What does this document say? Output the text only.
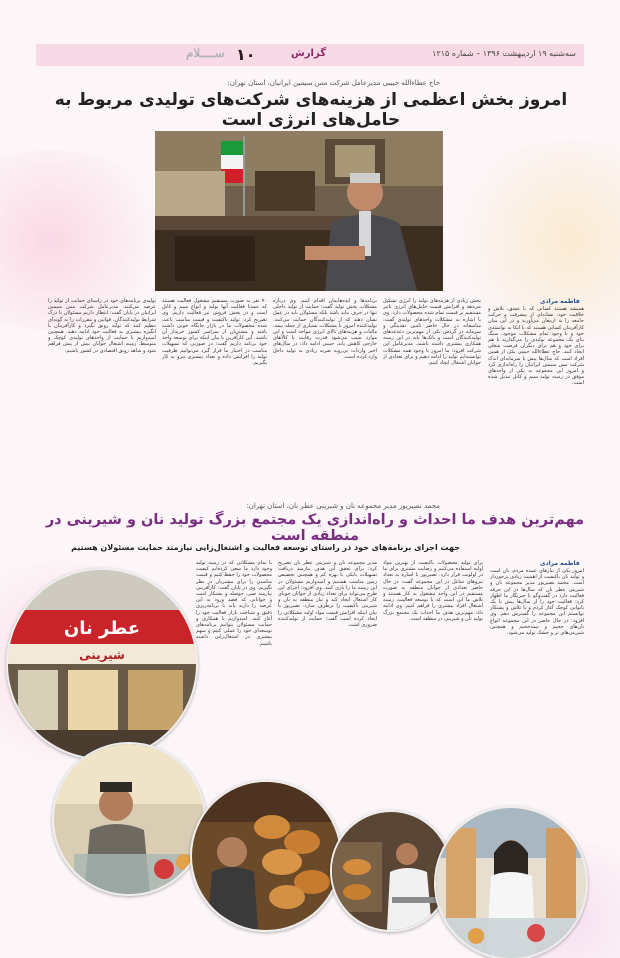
سه‌شنبه ۱۹ اردیبهشت ۱۳۹۶ – شماره ۱۲۱۵
گزارش
۱۰
ســــلام
حاج عطاءالله حبیبی مدیرعامل شرکت مس سیمین ایرانیان، استان تهران:
امروز بخش اعظمی از هزینه‌های شرکت‌های تولیدی مربوط به حامل‌های انرژی است
فاطمه مرادی
همیشه هستند کسانی که با عشق، تلاش و خلاقیت خود، نشانه‌ای از پیشرفت و حرکت جامعه را به ارمغان می‌آورند و در این میان کارآفرینان کسانی هستند که با اتکا به توانمندی خود و با وجود تمام مشکلات موجود، سنگ بنای یک مجموعه تولیدی را می‌گذارند تا هم برای خود و هم برای دیگران فرصت شغلی ایجاد کنند. حاج عطاءالله حبیبی یکی از همین افراد است که سال‌ها پیش با سرمایه‌ای اندک شرکت مس سیمین ایرانیان را راه‌اندازی کرد و امروز این مجموعه به یکی از واحدهای موفق در زمینه تولید سیم و کابل تبدیل شده است.
بخش زیادی از هزینه‌های تولید را انرژی تشکیل می‌دهد و افزایش قیمت حامل‌های انرژی تاثیر مستقیم بر قیمت تمام شده محصولات دارد. وی با اشاره به مشکلات واحدهای تولیدی گفت: متاسفانه در حال حاضر تامین نقدینگی و سرمایه در گردش یکی از مهم‌ترین دغدغه‌های تولیدکنندگان است و بانک‌ها باید در این زمینه همکاری بیشتری داشته باشند. مدیرعامل این شرکت افزود: ما امروز با وجود همه مشکلات توانسته‌ایم تولید را ادامه دهیم و برای تعدادی از جوانان اشتغال ایجاد کنیم.
برنامه‌ها و ایده‌هایمان اقدام کنیم. وی درباره مشکلات بخش تولید گفت: حمایت از تولید داخلی تنها در حرف نباید باشد بلکه مسئولان باید در عمل نشان دهند که از تولیدکنندگان حمایت می‌کنند. تولیدکننده امروز با مشکلات بسیاری از جمله بیمه، مالیات و هزینه‌های بالای انرژی مواجه است و این موارد سبب می‌شود قدرت رقابت با کالاهای خارجی کاهش یابد. حبیبی ادامه داد: در سال‌های اخیر واردات بی‌رویه ضربه زیادی به تولید داخل وارد کرده است.
۷۰ نفر به صورت مستقیم مشغول فعالیت هستند که عمدتا فعالیت آنها تولید و انواع سیم و کابل است و در بخش فروش نیز فعالیت داریم. وی تصریح کرد: تولید باکیفیت و قیمت مناسب باعث شده محصولات ما در بازار جایگاه خوبی داشته باشد و مشتریان از سراسر کشور خریدار آن باشند. این کارآفرین با بیان اینکه برای توسعه واحد خود برنامه داریم گفت: در صورتی که تسهیلات مناسب در اختیار ما قرار گیرد می‌توانیم ظرفیت تولید را افزایش داده و تعداد بیشتری نیرو به کار بگیریم.
تولیدی برنامه‌های خود در راستای حمایت از تولید را عرضه می‌کنند. مدیرعامل شرکت مس سیمین ایرانیان در پایان گفت: انتظار داریم مسئولان با درک شرایط تولیدکنندگان، قوانین و مقررات را به گونه‌ای تنظیم کنند که تولید رونق بگیرد و کارآفرینان با انگیزه بیشتری به فعالیت خود ادامه دهند. همچنین امیدواریم با حمایت از واحدهای تولیدی کوچک و متوسط، زمینه اشتغال جوانان بیش از پیش فراهم شود و شاهد رونق اقتصادی در کشور باشیم.
محمد نصیرپور مدیر مجموعه نان و شیرینی عطر نان، استان تهران:
مهم‌ترین هدف ما احداث و راه‌اندازی یک مجتمع بزرگ تولید نان و شیرینی در منطقه است
جهت اجرای برنامه‌های خود در راستای توسعه فعالیت و اشتغال‌زایی نیازمند حمایت مسئولان هستیم
فاطمه مرادی
امروز یکی از نیازهای عمده مردم، نان است و تولید نان باکیفیت از اهمیت زیادی برخوردار است. محمد نصیرپور مدیر مجموعه نان و شیرینی عطر نان که سال‌ها در این حرفه فعالیت دارد در گفت‌وگو با خبرنگار ما اظهار کرد: فعالیت خود را از سال‌ها پیش با یک نانوایی کوچک آغاز کردم و با تلاش و پشتکار توانستم این مجموعه را گسترش دهم. وی افزود: در حال حاضر در این مجموعه انواع نان‌های حجیم و نیمه‌حجیم و همچنین شیرینی‌های تر و خشک تولید می‌شود.
برای تولید محصولات باکیفیت از بهترین مواد اولیه استفاده می‌کنیم و رضایت مشتری برای ما در اولویت قرار دارد. نصیرپور با اشاره به تعداد نیروهای شاغل در این مجموعه گفت: در حال حاضر تعدادی از جوانان منطقه به صورت مستقیم در این واحد مشغول به کار هستند و تلاش ما این است که با توسعه فعالیت، زمینه اشتغال افراد بیشتری را فراهم کنیم. وی ادامه داد: مهم‌ترین هدف ما احداث یک مجتمع بزرگ تولید نان و شیرینی در منطقه است.
مدیر مجموعه نان و شیرینی عطر نان تصریح کرد: برای تحقق این هدف نیازمند دریافت تسهیلات بانکی با بهره کم و همچنین تخصیص زمین مناسب هستیم و امیدواریم مسئولان در این زمینه ما را یاری کنند. وی افزود: اجرای این طرح می‌تواند برای تعداد زیادی از جوانان جویای کار اشتغال ایجاد کند و نیاز منطقه به نان و شیرینی باکیفیت را برطرف سازد. نصیرپور با بیان اینکه افزایش قیمت مواد اولیه مشکلاتی را ایجاد کرده است گفت: حمایت از تولیدکننده ضروری است.
با تمام مشکلاتی که در زمینه تولید وجود دارد ما سعی کرده‌ایم کیفیت محصولات خود را حفظ کنیم و قیمت مناسبی را برای مشتریان در نظر بگیریم. وی در پایان گفت: کارآفرینی نیازمند صبر، حوصله و پشتکار است و جوانانی که قصد ورود به این عرصه را دارند باید با برنامه‌ریزی دقیق و شناخت بازار فعالیت خود را آغاز کنند. امیدواریم با همکاری و حمایت مسئولان بتوانیم برنامه‌های توسعه‌ای خود را عملی کنیم و سهم بیشتری در اشتغال‌زایی داشته باشیم.
عطر نان
شیرینی
